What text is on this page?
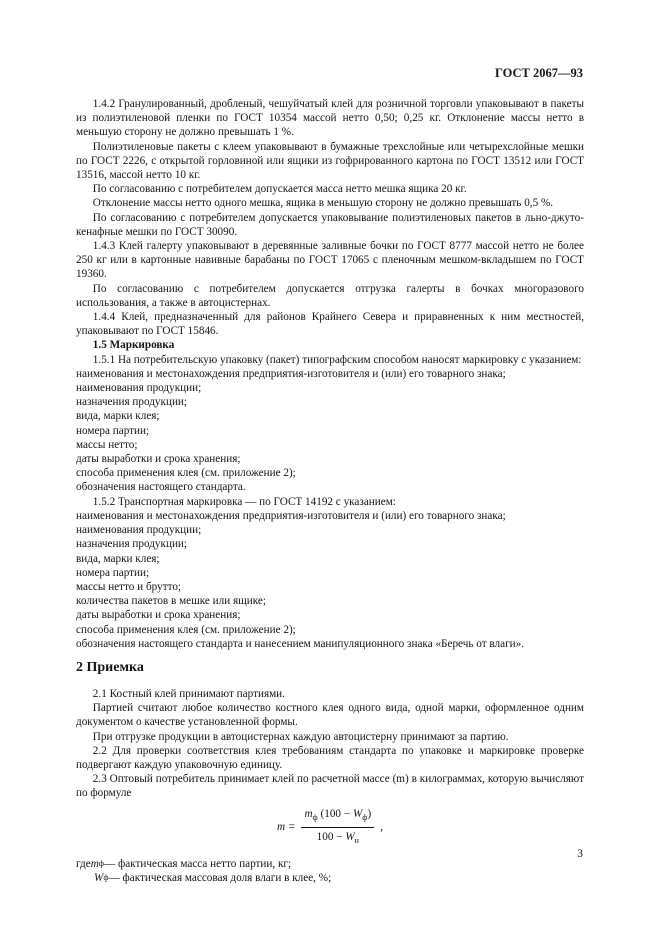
ГОСТ 2067—93

1.4.2 Гранулированный, дробленый, чешуйчатый клей для розничной торговли упаковывают в пакеты из полиэтиленовой пленки по ГОСТ 10354 массой нетто 0,50; 0,25 кг. Отклонение массы нетто в меньшую сторону не должно превышать 1 %.

Полиэтиленовые пакеты с клеем упаковывают в бумажные трехслойные или четырехслойные мешки по ГОСТ 2226, с открытой горловиной или ящики из гофрированного картона по ГОСТ 13512 или ГОСТ 13516, массой нетто 10 кг.

По согласованию с потребителем допускается масса нетто мешка ящика 20 кг.

Отклонение массы нетто одного мешка, ящика в меньшую сторону не должно превышать 0,5 %.

По согласованию с потребителем допускается упаковывание полиэтиленовых пакетов в льно-джуто-кенафные мешки по ГОСТ 30090.

1.4.3 Клей галерту упаковывают в деревянные заливные бочки по ГОСТ 8777 массой нетто не более 250 кг или в картонные навивные барабаны по ГОСТ 17065 с пленочным мешком-вкладышем по ГОСТ 19360.

По согласованию с потребителем допускается отгрузка галерты в бочках многоразового использования, а также в автоцистернах.

1.4.4 Клей, предназначенный для районов Крайнего Севера и приравненных к ним местностей, упаковывают по ГОСТ 15846.

1.5 Маркировка

1.5.1 На потребительскую упаковку (пакет) типографским способом наносят маркировку с указанием:

наименования и местонахождения предприятия-изготовителя и (или) его товарного знака;

наименования продукции;

назначения продукции;

вида, марки клея;

номера партии;

массы нетто;

даты выработки и срока хранения;

способа применения клея (см. приложение 2);

обозначения настоящего стандарта.

1.5.2 Транспортная маркировка — по ГОСТ 14192 с указанием:

наименования и местонахождения предприятия-изготовителя и (или) его товарного знака;

наименования продукции;

назначения продукции;

вида, марки клея;

номера партии;

массы нетто и брутто;

количества пакетов в мешке или ящике;

даты выработки и срока хранения;

способа применения клея (см. приложение 2);

обозначения настоящего стандарта и нанесением манипуляционного знака «Беречь от влаги».

2 Приемка

2.1 Костный клей принимают партиями.

Партией считают любое количество костного клея одного вида, одной марки, оформленное одним документом о качестве установленной формы.

При отгрузке продукции в автоцистернах каждую автоцистерну принимают за партию.

2.2 Для проверки соответствия клея требованиям стандарта по упаковке и маркировке проверке подвергают каждую упаковочную единицу.

2.3 Оптовый потребитель принимает клей по расчетной массе (m) в килограммах, которую вычисляют по формуле

$m = \frac{m_ф (100 - W_ф)}{100 - W_н}$ ,
где m ф — фактическая масса нетто партии, кг;
W ф — фактическая массовая доля влаги в клее, %;
3
